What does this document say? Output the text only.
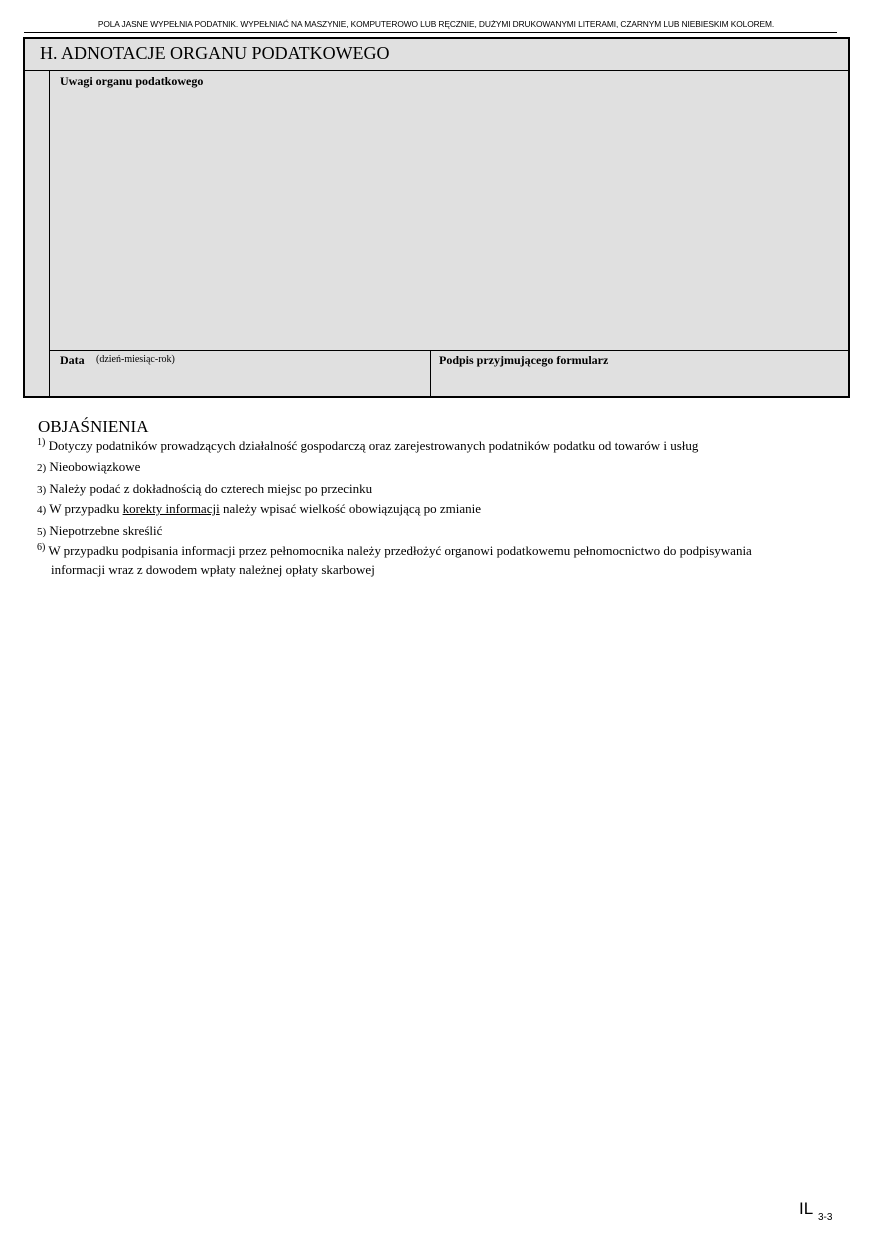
POLA JASNE WYPEŁNIA PODATNIK. WYPEŁNIAĆ NA MASZYNIE, KOMPUTEROWO LUB RĘCZNIE, DUŻYMI DRUKOWANYMI LITERAMI, CZARNYM LUB NIEBIESKIM KOLOREM.
H. ADNOTACJE ORGANU PODATKOWEGO
Uwagi organu podatkowego
Data (dzień-miesiąc-rok)	Podpis przyjmującego formularz
OBJAŚNIENIA
$^{1)}$ Dotyczy podatników prowadzących działalność gospodarczą oraz zarejestrowanych podatników podatku od towarów i usług
2) Nieobowiązkowe
3) Należy podać z dokładnością do czterech miejsc po przecinku
4) W przypadku korekty informacji należy wpisać wielkość obowiązującą po zmianie
5) Niepotrzebne skreślić
$^{6)}$ W przypadku podpisania informacji przez pełnomocnika należy przedłożyć organowi podatkowemu pełnomocnictwo do podpisywania
informacji wraz z dowodem wpłaty należnej opłaty skarbowej
IL 3-3
